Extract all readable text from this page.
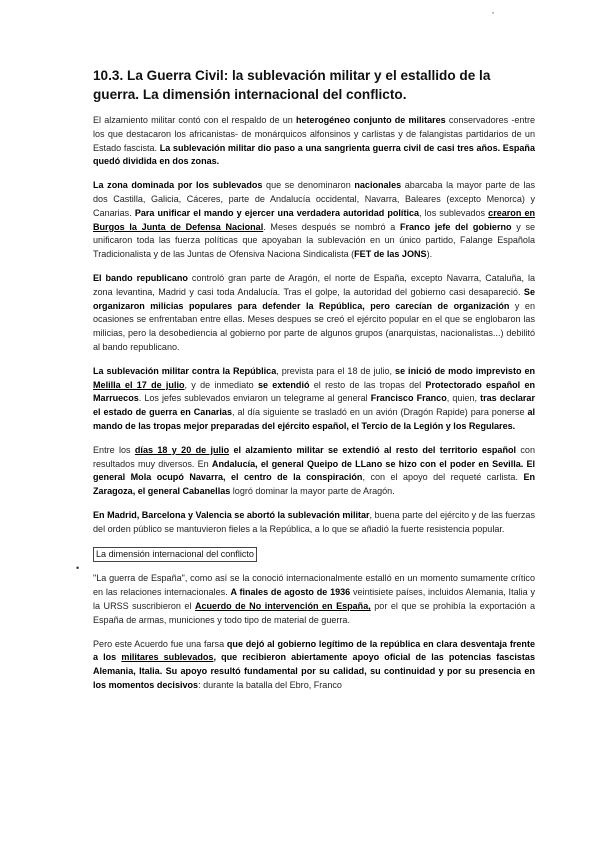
·
10.3. La Guerra Civil: la sublevación militar y el estallido de la guerra. La dimensión internacional del conflicto.

El alzamiento militar contó con el respaldo de un heterogéneo conjunto de militares conservadores -entre los que destacaron los africanistas- de monárquicos alfonsinos y carlistas y de falangistas partidarios de un Estado fascista. La sublevación militar dio paso a una sangrienta guerra civil de casi tres años. España quedó dividida en dos zonas.

La zona dominada por los sublevados que se denominaron nacionales abarcaba la mayor parte de las dos Castilla, Galicia, Cáceres, parte de Andalucía occidental, Navarra, Baleares (excepto Menorca) y Canarias. Para unificar el mando y ejercer una verdadera autoridad política, los sublevados crearon en Burgos la Junta de Defensa Nacional. Meses después se nombró a Franco jefe del gobierno y se unificaron toda las fuerza políticas que apoyaban la sublevación en un único partido, Falange Española Tradicionalista y de las Juntas de Ofensiva Naciona Sindicalista (FET de las JONS).

El bando republicano controló gran parte de Aragón, el norte de España, excepto Navarra, Cataluña, la zona levantina, Madrid y casi toda Andalucía. Tras el golpe, la autoridad del gobierno casi desapareció. Se organizaron milicias populares para defender la República, pero carecían de organización y en ocasiones se enfrentaban entre ellas. Meses despues se creó el ejército popular en el que se englobaron las milicias, pero la desobediencia al gobierno por parte de algunos grupos (anarquistas, nacionalistas...) debilitó al bando republicano.

La sublevación militar contra la República, prevista para el 18 de julio, se inició de modo imprevisto en Melilla el 17 de julio, y de inmediato se extendió el resto de las tropas del Protectorado español en Marruecos. Los jefes sublevados enviaron un telegrame al general Francisco Franco, quien, tras declarar el estado de guerra en Canarias, al día siguiente se trasladó en un avión (Dragón Rapide) para ponerse al mando de las tropas mejor preparadas del ejército español, el Tercio de la Legión y los Regulares.

Entre los días 18 y 20 de julio el alzamiento militar se extendió al resto del territorio español con resultados muy diversos. En Andalucía, el general Queipo de LLano se hizo con el poder en Sevilla. El general Mola ocupó Navarra, el centro de la conspiración, con el apoyo del requeté carlista. En Zaragoza, el general Cabanellas logró dominar la mayor parte de Aragón.

En Madrid, Barcelona y Valencia se abortó la sublevación militar, buena parte del ejército y de las fuerzas del orden público se mantuvieron fieles a la República, a lo que se añadió la fuerte resistencia popular.

La dimensión internacional del conflicto

"La guerra de España", como así se la conoció internacionalmente estalló en un momento sumamente crítico en las relaciones internacionales. A finales de agosto de 1936 veintisiete países, incluidos Alemania, Italia y la URSS suscribieron el Acuerdo de No intervención en España, por el que se prohibía la exportación a España de armas, municiones y todo tipo de material de guerra.

Pero este Acuerdo fue una farsa que dejó al gobierno legítimo de la república en clara desventaja frente a los militares sublevados, que recibieron abiertamente apoyo oficial de las potencias fascistas Alemania, Italia. Su apoyo resultó fundamental por su calidad, su continuidad y por su presencia en los momentos decisivos: durante la batalla del Ebro, Franco

•
